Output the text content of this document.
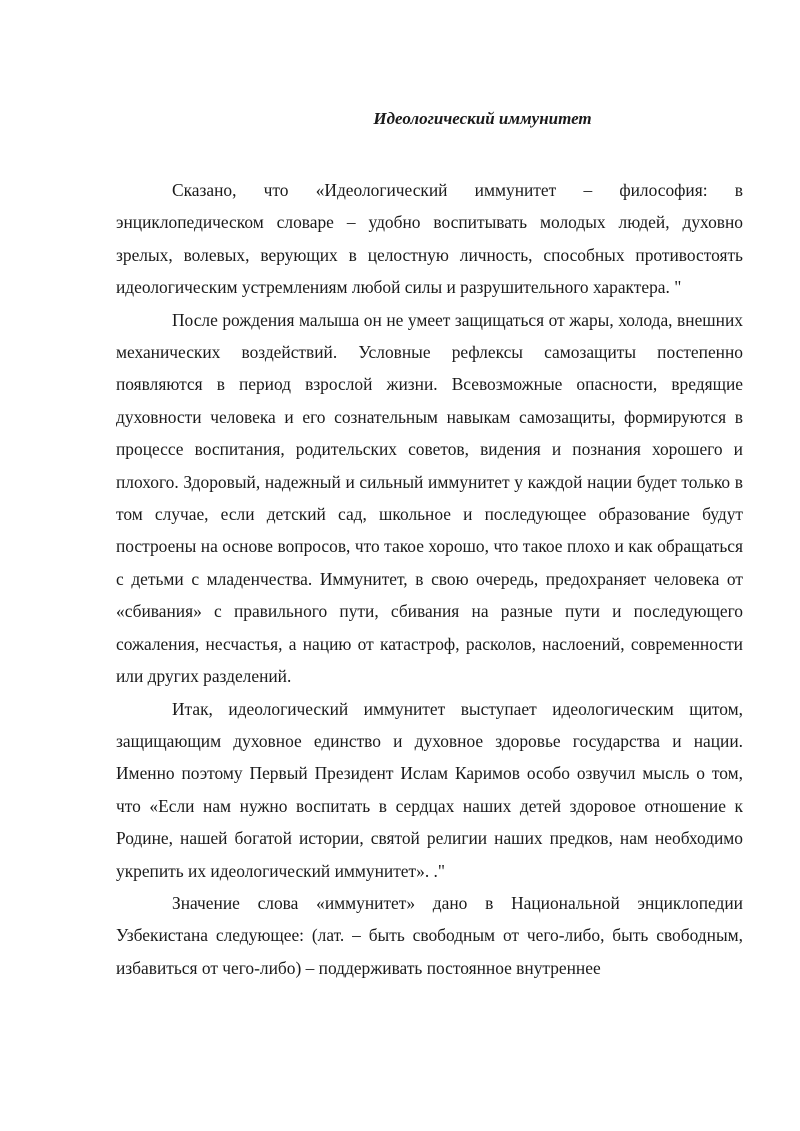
Идеологический иммунитет

Сказано, что «Идеологический иммунитет – философия: в энциклопедическом словаре – удобно воспитывать молодых людей, духовно зрелых, волевых, верующих в целостную личность, способных противостоять идеологическим устремлениям любой силы и разрушительного характера. "

После рождения малыша он не умеет защищаться от жары, холода, внешних механических воздействий. Условные рефлексы самозащиты постепенно появляются в период взрослой жизни. Всевозможные опасности, вредящие духовности человека и его сознательным навыкам самозащиты, формируются в процессе воспитания, родительских советов, видения и познания хорошего и плохого. Здоровый, надежный и сильный иммунитет у каждой нации будет только в том случае, если детский сад, школьное и последующее образование будут построены на основе вопросов, что такое хорошо, что такое плохо и как обращаться с детьми с младенчества. Иммунитет, в свою очередь, предохраняет человека от «сбивания» с правильного пути, сбивания на разные пути и последующего сожаления, несчастья, а нацию от катастроф, расколов, наслоений, современности или других разделений.

Итак, идеологический иммунитет выступает идеологическим щитом, защищающим духовное единство и духовное здоровье государства и нации. Именно поэтому Первый Президент Ислам Каримов особо озвучил мысль о том, что «Если нам нужно воспитать в сердцах наших детей здоровое отношение к Родине, нашей богатой истории, святой религии наших предков, нам необходимо укрепить их идеологический иммунитет». ."

Значение слова «иммунитет» дано в Национальной энциклопедии Узбекистана следующее: (лат. – быть свободным от чего-либо, быть свободным, избавиться от чего-либо) – поддерживать постоянное внутреннее
